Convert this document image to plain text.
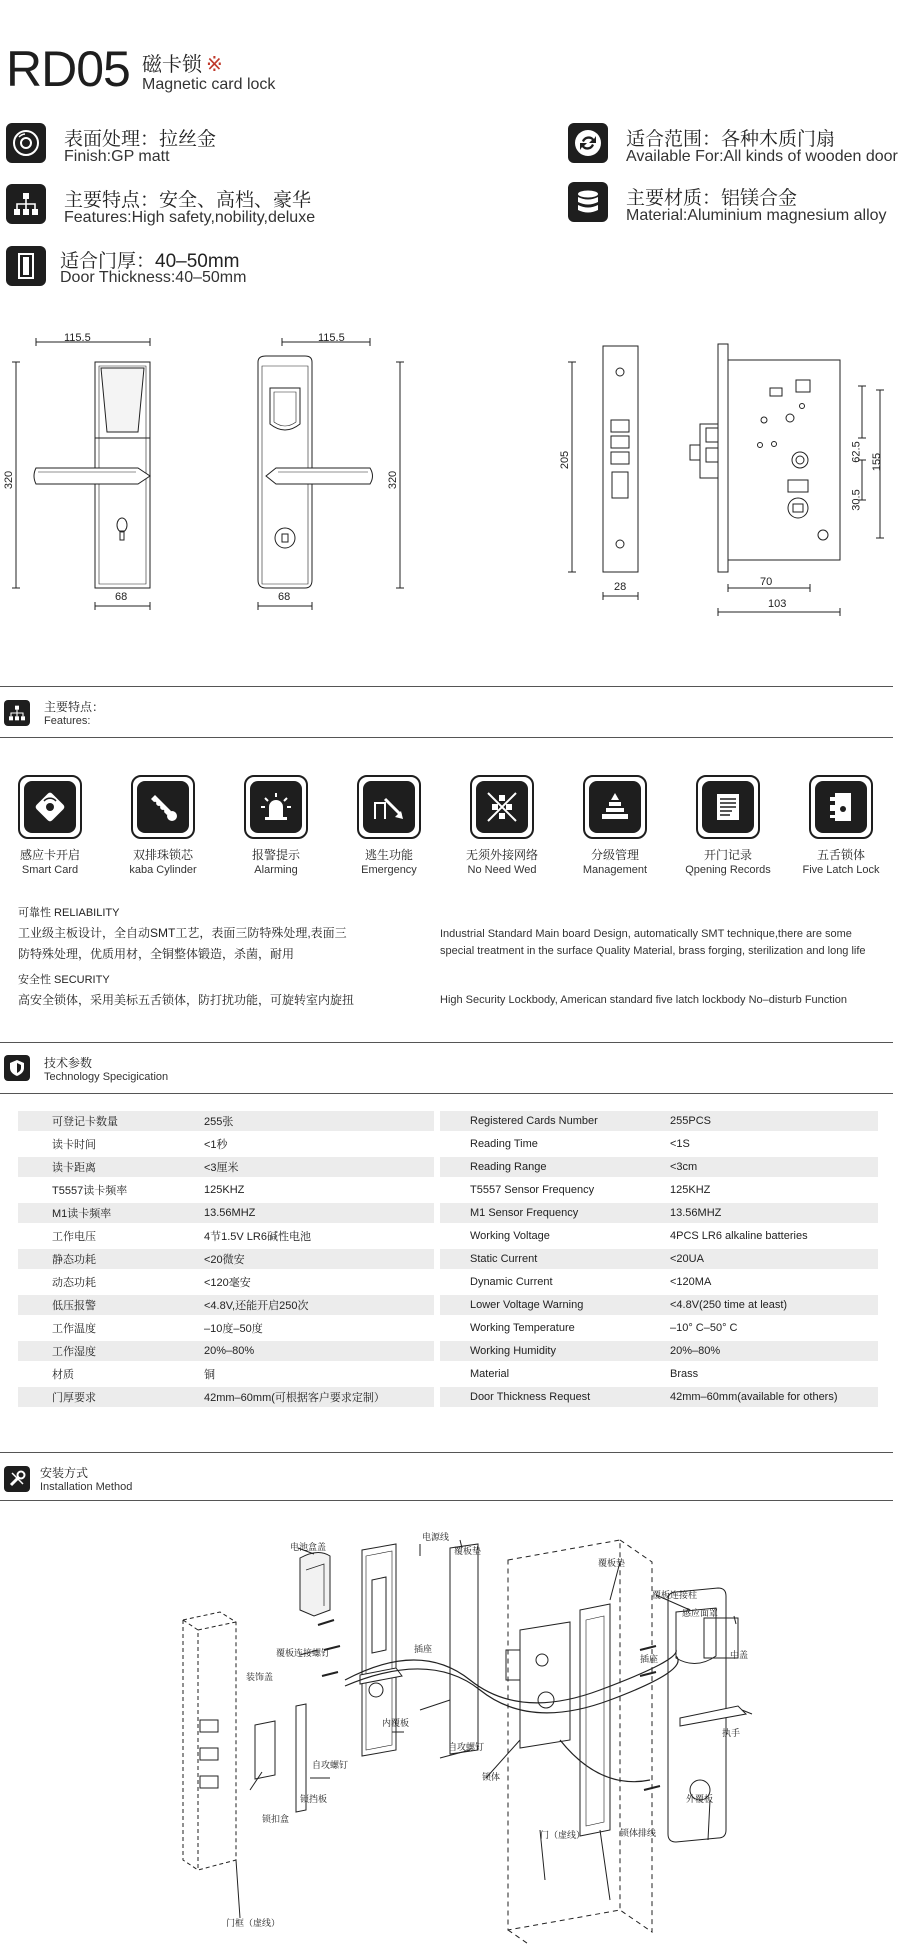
RD05 磁卡锁 ※
Magnetic card lock
表面处理：拉丝金
Finish:GP matt
适合范围：各种木质门扇
Available For:All kinds of wooden door
主要特点：安全、高档、豪华
Features:High safety,nobility,deluxe
主要材质：铝镁合金
Material:Aluminium magnesium alloy
适合门厚：40–50mm
Door Thickness:40–50mm
115.5
320
68
115.5
320
68
205
28
62.5
30.5
155
70
103
主要特点：
Features:
感应卡开启
Smart Card
双排珠锁芯
kaba Cylinder
报警提示
Alarming
逃生功能
Emergency
无须外接网络
No Need Wed
分级管理
Management
开门记录
Qpening Records
五舌锁体
Five Latch Lock
可靠性 RELIABILITY
工业级主板设计，全自动SMT工艺，表面三防特殊处理,表面三
防特殊处理，优质用材，全铜整体锻造，杀菌，耐用
Industrial Standard Main board Design, automatically SMT technique,there are some
special treatment in the surface Quality Material, brass forging, sterilization and long life
安全性 SECURITY
高安全锁体，采用美标五舌锁体，防打扰功能，可旋转室内旋扭	High Security Lockbody, American standard five latch lockbody No–disturb Function
技术参数
Technology Specigication
可登记卡数量	255张		Registered Cards Number	255PCS
读卡时间	<1秒		Reading Time	<1S
读卡距离	<3厘米		Reading Range	<3cm
T5557读卡频率	125KHZ		T5557 Sensor Frequency	125KHZ
M1读卡频率	13.56MHZ		M1 Sensor Frequency	13.56MHZ
工作电压	4节1.5V LR6碱性电池		Working Voltage	4PCS LR6 alkaline batteries
静态功耗	<20微安		Static Current	<20UA
动态功耗	<120毫安		Dynamic Current	<120MA
低压报警	<4.8V,还能开启250次		Lower Voltage Warning	<4.8V(250 time at least)
工作温度	–10度–50度		Working Temperature	–10° C–50° C
工作湿度	20%–80%		Working Humidity	20%–80%
材质	铜		Material	Brass
门厚要求	42mm–60mm(可根据客户要求定制）		Door Thickness Request	42mm–60mm(available for others)
安装方式
Installation Method
电池盒盖
电源线
覆板垫
覆板垫
覆板连接柱
感应面罩
插座
插座
覆板连接螺钉	中盖
装饰盖
内覆板
执手
自攻螺钉
自攻螺钉
锁体
锁挡板	外覆板
锁扣盒
门（虚线）	锁体排线
门框（虚线）
